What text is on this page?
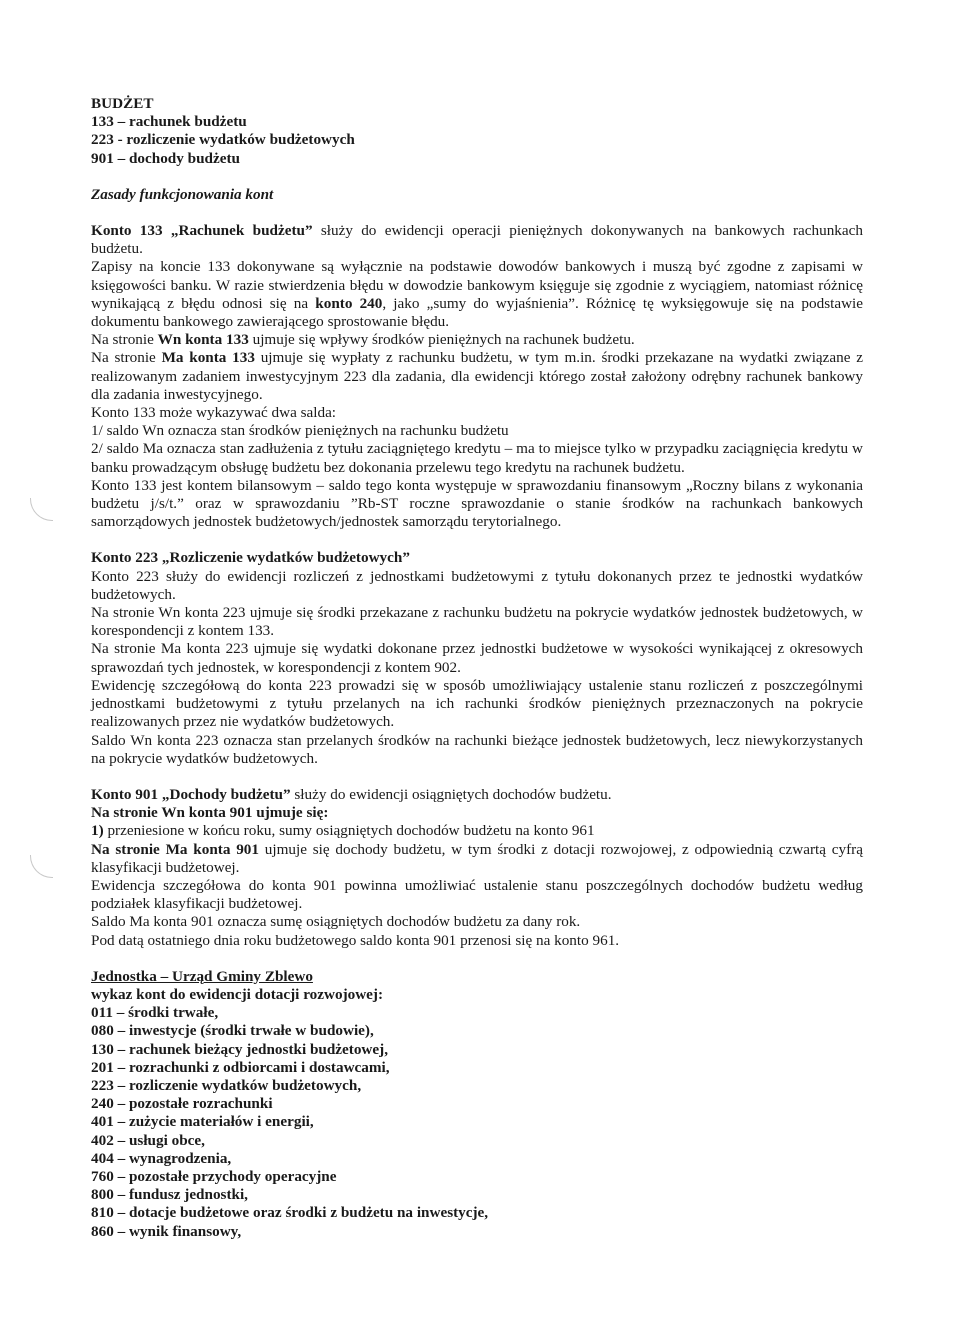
BUDŻET

133 – rachunek budżetu

223 - rozliczenie wydatków budżetowych

901 – dochody budżetu

Zasady funkcjonowania kont

Konto 133 „Rachunek budżetu” służy do ewidencji operacji pieniężnych dokonywanych na bankowych rachunkach budżetu.

Zapisy na koncie 133 dokonywane są wyłącznie na podstawie dowodów bankowych i muszą być zgodne z zapisami w księgowości banku. W razie stwierdzenia błędu w dowodzie bankowym księguje się zgodnie z wyciągiem, natomiast różnicę wynikającą z błędu odnosi się na konto 240, jako „sumy do wyjaśnienia”. Różnicę tę wyksięgowuje się na podstawie dokumentu bankowego zawierającego sprostowanie błędu.

Na stronie Wn konta 133 ujmuje się wpływy środków pieniężnych na rachunek budżetu.

Na stronie Ma konta 133 ujmuje się wypłaty z rachunku budżetu, w tym m.in. środki przekazane na wydatki związane z realizowanym zadaniem inwestycyjnym 223 dla zadania, dla ewidencji którego został założony odrębny rachunek bankowy dla zadania inwestycyjnego.

Konto 133 może wykazywać dwa salda:

1/ saldo Wn oznacza stan środków pieniężnych na rachunku budżetu

2/ saldo Ma oznacza stan zadłużenia z tytułu zaciągniętego kredytu – ma to miejsce tylko w przypadku zaciągnięcia kredytu w banku prowadzącym obsługę budżetu bez dokonania przelewu tego kredytu na rachunek budżetu.

Konto 133 jest kontem bilansowym – saldo tego konta występuje w sprawozdaniu finansowym „Roczny bilans z wykonania budżetu j/s/t.” oraz w sprawozdaniu ”Rb-ST roczne sprawozdanie o stanie środków na rachunkach bankowych samorządowych jednostek budżetowych/jednostek samorządu terytorialnego.

Konto 223 „Rozliczenie wydatków budżetowych”

Konto 223 służy do ewidencji rozliczeń z jednostkami budżetowymi z tytułu dokonanych przez te jednostki wydatków budżetowych.

Na stronie Wn konta 223 ujmuje się środki przekazane z rachunku budżetu na pokrycie wydatków jednostek budżetowych, w korespondencji z kontem 133.

Na stronie Ma konta 223 ujmuje się wydatki dokonane przez jednostki budżetowe w wysokości wynikającej z okresowych sprawozdań tych jednostek, w korespondencji z kontem 902.

Ewidencję szczegółową do konta 223 prowadzi się w sposób umożliwiający ustalenie stanu rozliczeń z poszczególnymi jednostkami budżetowymi z tytułu przelanych na ich rachunki środków pieniężnych przeznaczonych na pokrycie realizowanych przez nie wydatków budżetowych.

Saldo Wn konta 223 oznacza stan przelanych środków na rachunki bieżące jednostek budżetowych, lecz niewykorzystanych na pokrycie wydatków budżetowych.

Konto 901 „Dochody budżetu” służy do ewidencji osiągniętych dochodów budżetu.

Na stronie Wn konta 901 ujmuje się:

1) przeniesione w końcu roku, sumy osiągniętych dochodów budżetu na konto 961

Na stronie Ma konta 901 ujmuje się dochody budżetu, w tym środki z dotacji rozwojowej, z odpowiednią czwartą cyfrą klasyfikacji budżetowej.

Ewidencja szczegółowa do konta 901 powinna umożliwiać ustalenie stanu poszczególnych dochodów budżetu według podziałek klasyfikacji budżetowej.

Saldo Ma konta 901 oznacza sumę osiągniętych dochodów budżetu za dany rok.

Pod datą ostatniego dnia roku budżetowego saldo konta 901 przenosi się na konto 961.

Jednostka – Urząd Gminy Zblewo

wykaz kont do ewidencji dotacji rozwojowej:

011 – środki trwałe,

080 – inwestycje (środki trwałe w budowie),

130 – rachunek bieżący jednostki budżetowej,

201 – rozrachunki z odbiorcami i dostawcami,

223 – rozliczenie wydatków budżetowych,

240 – pozostałe rozrachunki

401 – zużycie materiałów i energii,

402 – usługi obce,

404 – wynagrodzenia,

760 – pozostałe przychody operacyjne

800 – fundusz jednostki,

810 – dotacje budżetowe oraz środki z budżetu na inwestycje,

860 – wynik finansowy,
